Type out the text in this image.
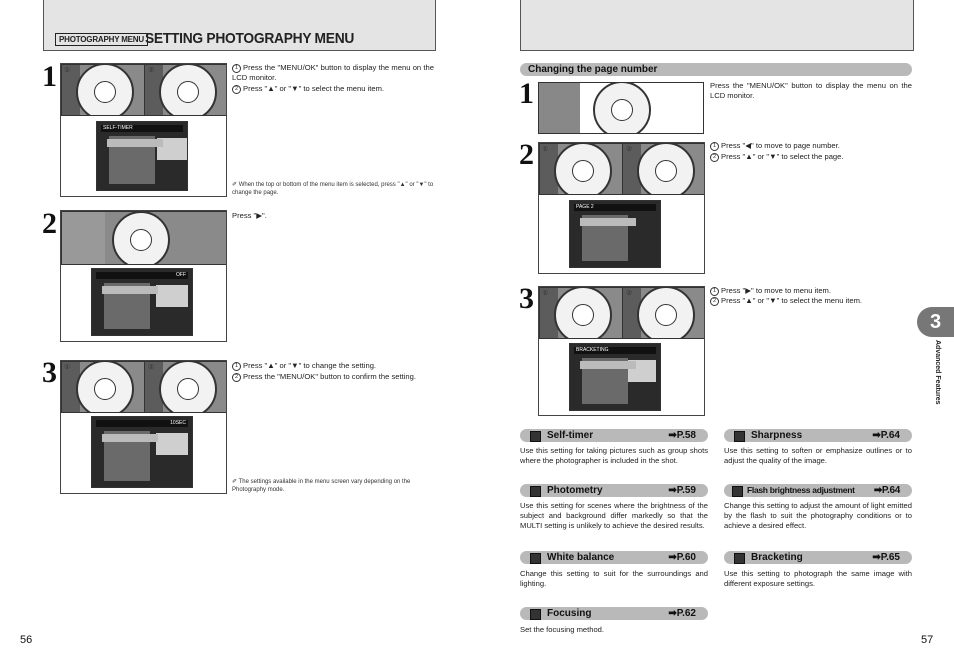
PHOTOGRAPHY MENU SETTING PHOTOGRAPHY MENU
1 ①	②
SELF-TIMER
1 Press the "MENU/OK" button to display the menu on the LCD monitor.
2 Press "▲" or "▼" to select the menu item.
✐ When the top or bottom of the menu item is selected, press "▲" or "▼" to change the page.
2
OFF
Press "▶".
3 ①	②
10SEC
1 Press "▲" or "▼" to change the setting.
2 Press the "MENU/OK" button to confirm the setting.
✐ The settings available in the menu screen vary depending on the Photography mode.
56
Changing the page number
1	Press the "MENU/OK" button to display the menu on the LCD monitor.
2 ①	②
PAGE 2
1 Press "◀" to move to page number.
2 Press "▲" or "▼" to select the page.
3 ①	②
BRACKETING
1 Press "▶" to move to menu item.
2 Press "▲" or "▼" to select the menu item.
Self-timer	➡P.58
Use this setting for taking pictures such as group shots where the photographer is included in the shot.
Photometry	➡P.59
Use this setting for scenes where the brightness of the subject and background differ markedly so that the MULTI setting is unlikely to achieve the desired results.
White balance	➡P.60
Change this setting to suit for the surroundings and lighting.
Focusing	➡P.62
Set the focusing method.
Sharpness	➡P.64
Use this setting to soften or emphasize outlines or to adjust the quality of the image.
Flash brightness adjustment ➡P.64
Change this setting to adjust the amount of light emitted by the flash to suit the photography conditions or to achieve a desired effect.
Bracketing	➡P.65
Use this setting to photograph the same image with different exposure settings.
3
Advanced Features
57
